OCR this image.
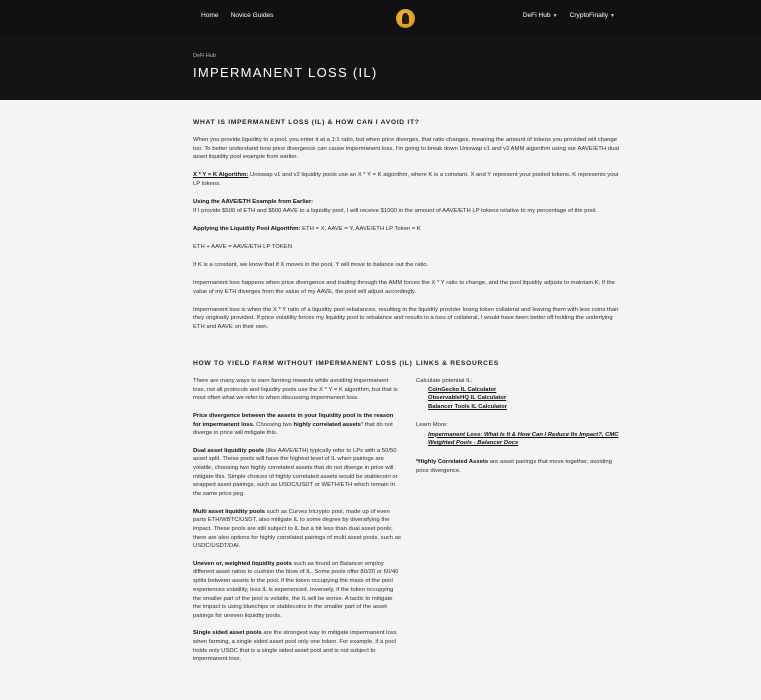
Home Novice Guides	DeFi Hub ▼ CryptoFinally ▼
DeFi Hub
IMPERMANENT LOSS (IL)
WHAT IS IMPERMANENT LOSS (IL) & HOW CAN I AVOID IT?

When you provide liquidity to a pool, you enter it at a 1:1 ratio, but when price diverges, that ratio changes, meaning the amount of tokens you provided will change too. To better understand how price divergence can cause impermanent loss, I'm going to break down Uniswap v1 and v2 AMM algorithm using our AAVE/ETH dual asset liquidity pool example from earlier.

X * Y = K Algorithm: Uniswap v1 and v2 liquidity pools use an X * Y = K algorithm, where K is a constant. X and Y represent your pooled tokens. K represents your LP tokens.

Using the AAVE/ETH Example from Earlier:
If I provide $500 of ETH and $500 AAVE to a liquidity pool, I will receive $1000 in the amount of AAVE/ETH LP tokens relative to my percentage of the pool.

Applying the Liquidity Pool Algorithm: ETH = X, AAVE = Y, AAVE/ETH LP Token = K

ETH + AAVE = AAVE/ETH LP TOKEN

If K is a constant, we know that if X moves in the pool, Y will move to balance out the ratio.

Impermanent loss happens when price divergence and trading through the AMM forces the X * Y ratio to change, and the pool liquidity adjusts to maintain K; If the value of my ETH diverges from the value of my AAVE, the pool will adjust accordingly.

Impermanent loss is when the X * Y ratio of a liquidity pool rebalances, resulting in the liquidity provider losing token collateral and leaving them with less coins than they originally provided. If price volatility forces my liquidity pool to rebalance and results in a loss of collateral, I would have been better off holding the underlying ETH and AAVE on their own.

HOW TO YIELD FARM WITHOUT IMPERMANENT LOSS (IL)

There are many ways to earn farming rewards while avoiding impermanent loss, not all protocols and liquidity pools use the X * Y = K algorithm, but that is most often what we refer to when discussing impermanent loss.

Price divergence between the assets in your liquidity pool is the reason for impermanent loss. Choosing two highly correlated assets* that do not diverge in price will mitigate this.

Dual asset liquidity pools (like AAVE/ETH) typically refer to LPs with a 50/50 asset split. These pools will have the highest level of IL when pairings are volatile, choosing two highly correlated assets that do not diverge in price will mitigate this. Simple choices of highly correlated assets would be stablecoin or wrapped asset pairings, such as USDC/USDT or WETH/ETH which remain in the same price peg.

Multi asset liquidity pools such as Curves tricrypto pool, made up of even parts ETH/WBTC/USDT, also mitigate IL to some degree by diversifying the impact. These pools are still subject to IL but a bit less than dual asset pools; there are also options for highly correlated pairings of multi asset pools, such as USDC/USDT/DAI.

Uneven or, weighted liquidity pools such as found on Balancer employ different asset ratios to cushion the blow of IL. Some pools offer 80/20 or 60/40 splits between assets in the pool, if the token occupying the mass of the pool experiences volatility, less IL is experienced. Inversely, if the token occupying the smaller part of the pool is volatile, the IL will be worse. A tactic to mitigate the impact is using bluechips or stablecoins in the smaller part of the asset pairings for uneven liquidity pools.

Single sided asset pools are the strongest way to mitigate impermanent loss when farming, a single sided asset pool only one token. For example, if a pool holds only USDC that is a single sided asset pool and is not subject to impermanent loss.

LINKS & RESOURCES
Calculate potential IL:
CoinGecko IL Calculator
ObservableHQ IL Calculator
Balancer Tools IL Calculator
Learn More:
Impermanent Loss: What Is It & How Can I Reduce Its Impact?, CMC
Weighted Pools - Balancer Docs

*Highly Correlated Assets are asset pairings that move together, avoiding price divergence.
